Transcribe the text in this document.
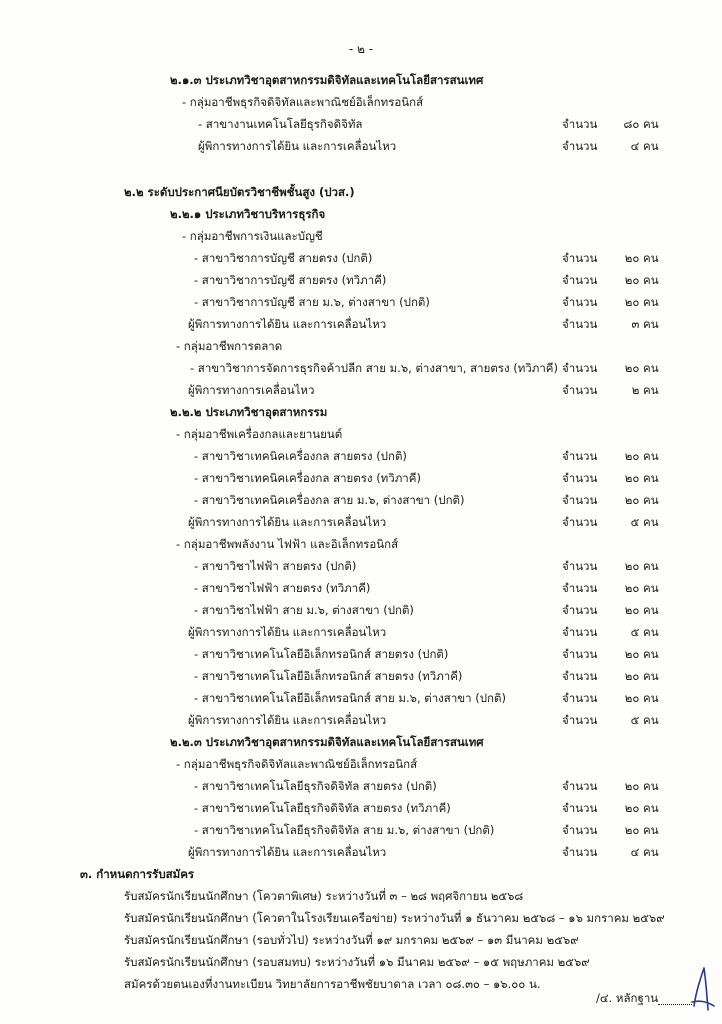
- ๒ -
๒.๑.๓ ประเภทวิชาอุตสาหกรรมดิจิทัลและเทคโนโลยีสารสนเทศ
- กลุ่มอาชีพธุรกิจดิจิทัลและพาณิชย์อิเล็กทรอนิกส์
- สาขางานเทคโนโลยีธุรกิจดิจิทัล	จำนวน ๘๐ คน
ผู้พิการทางการได้ยิน และการเคลื่อนไหว	จำนวน	๔ คน
๒.๒ ระดับประกาศนียบัตรวิชาชีพชั้นสูง (ปวส.)
๒.๒.๑ ประเภทวิชาบริหารธุรกิจ
- กลุ่มอาชีพการเงินและบัญชี
- สาขาวิชาการบัญชี สายตรง (ปกติ)	จำนวน ๒๐ คน
- สาขาวิชาการบัญชี สายตรง (ทวิภาคี)	จำนวน ๒๐ คน
- สาขาวิชาการบัญชี สาย ม.๖, ต่างสาขา (ปกติ)	จำนวน ๒๐ คน
ผู้พิการทางการได้ยิน และการเคลื่อนไหว	จำนวน	๓ คน
- กลุ่มอาชีพการตลาด
- สาขาวิชาการจัดการธุรกิจค้าปลีก สาย ม.๖, ต่างสาขา, สายตรง (ทวิภาคี) จำนวน ๒๐ คน
ผู้พิการทางการเคลื่อนไหว	จำนวน	๒ คน
๒.๒.๒ ประเภทวิชาอุตสาหกรรม
- กลุ่มอาชีพเครื่องกลและยานยนต์
- สาขาวิชาเทคนิคเครื่องกล สายตรง (ปกติ)	จำนวน ๒๐ คน
- สาขาวิชาเทคนิคเครื่องกล สายตรง (ทวิภาคี)	จำนวน ๒๐ คน
- สาขาวิชาเทคนิคเครื่องกล สาย ม.๖, ต่างสาขา (ปกติ)	จำนวน ๒๐ คน
ผู้พิการทางการได้ยิน และการเคลื่อนไหว	จำนวน	๕ คน
- กลุ่มอาชีพพลังงาน ไฟฟ้า และอิเล็กทรอนิกส์
- สาขาวิชาไฟฟ้า สายตรง (ปกติ)	จำนวน ๒๐ คน
- สาขาวิชาไฟฟ้า สายตรง (ทวิภาคี)	จำนวน ๒๐ คน
- สาขาวิชาไฟฟ้า สาย ม.๖, ต่างสาขา (ปกติ)	จำนวน ๒๐ คน
ผู้พิการทางการได้ยิน และการเคลื่อนไหว	จำนวน	๕ คน
- สาขาวิชาเทคโนโลยีอิเล็กทรอนิกส์ สายตรง (ปกติ)	จำนวน ๒๐ คน
- สาขาวิชาเทคโนโลยีอิเล็กทรอนิกส์ สายตรง (ทวิภาคี)	จำนวน ๒๐ คน
- สาขาวิชาเทคโนโลยีอิเล็กทรอนิกส์ สาย ม.๖, ต่างสาขา (ปกติ)	จำนวน ๒๐ คน
ผู้พิการทางการได้ยิน และการเคลื่อนไหว	จำนวน	๕ คน
๒.๒.๓ ประเภทวิชาอุตสาหกรรมดิจิทัลและเทคโนโลยีสารสนเทศ
- กลุ่มอาชีพธุรกิจดิจิทัลและพาณิชย์อิเล็กทรอนิกส์
- สาขาวิชาเทคโนโลยีธุรกิจดิจิทัล สายตรง (ปกติ)	จำนวน ๒๐ คน
- สาขาวิชาเทคโนโลยีธุรกิจดิจิทัล สายตรง (ทวิภาคี)	จำนวน ๒๐ คน
- สาขาวิชาเทคโนโลยีธุรกิจดิจิทัล สาย ม.๖, ต่างสาขา (ปกติ)	จำนวน ๒๐ คน
ผู้พิการทางการได้ยิน และการเคลื่อนไหว	จำนวน	๔ คน
๓. กำหนดการรับสมัคร
รับสมัครนักเรียนนักศึกษา (โควตาพิเศษ) ระหว่างวันที่ ๓ – ๒๘ พฤศจิกายน ๒๕๖๘
รับสมัครนักเรียนนักศึกษา (โควตาในโรงเรียนเครือข่าย) ระหว่างวันที่ ๑ ธันวาคม ๒๕๖๘ – ๑๖ มกราคม ๒๕๖๙
รับสมัครนักเรียนนักศึกษา (รอบทั่วไป) ระหว่างวันที่ ๑๙ มกราคม ๒๕๖๙ – ๑๓ มีนาคม ๒๕๖๙
รับสมัครนักเรียนนักศึกษา (รอบสมทบ) ระหว่างวันที่ ๑๖ มีนาคม ๒๕๖๙ – ๑๕ พฤษภาคม ๒๕๖๙
สมัครด้วยตนเองที่งานทะเบียน วิทยาลัยการอาชีพชัยบาดาล เวลา ๐๘.๓๐ – ๑๖.๐๐ น.
/๔. หลักฐาน
